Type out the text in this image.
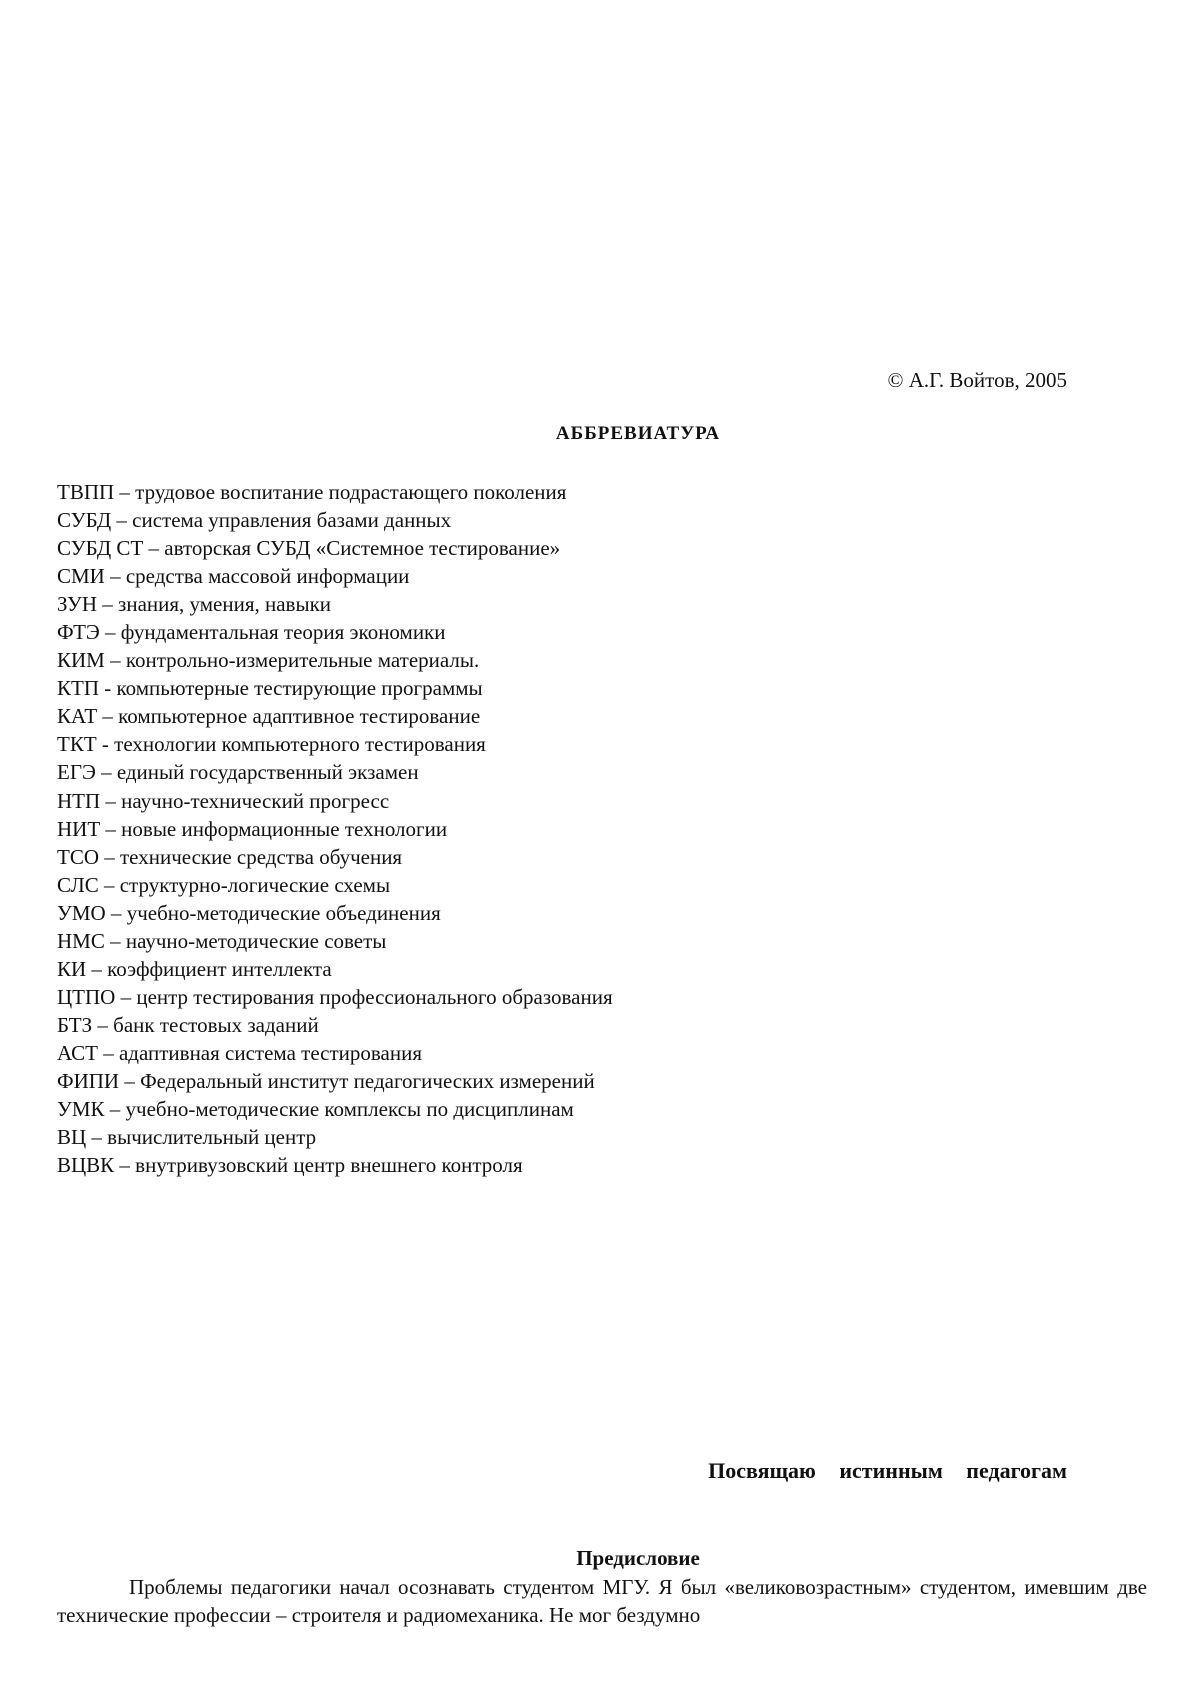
© А.Г. Войтов, 2005
АББРЕВИАТУРА
ТВПП – трудовое воспитание подрастающего поколения
СУБД – система управления базами данных
СУБД СТ – авторская СУБД «Системное тестирование»
СМИ – средства массовой информации
ЗУН – знания, умения, навыки
ФТЭ – фундаментальная теория экономики
КИМ – контрольно-измерительные материалы.
КТП - компьютерные тестирующие программы
КАТ – компьютерное адаптивное тестирование
ТКТ - технологии компьютерного тестирования
ЕГЭ – единый государственный экзамен
НТП – научно-технический прогресс
НИТ – новые информационные технологии
ТСО – технические средства обучения
СЛС – структурно-логические схемы
УМО – учебно-методические объединения
НМС – научно-методические советы
КИ – коэффициент интеллекта
ЦТПО – центр тестирования профессионального образования
БТЗ – банк тестовых заданий
АСТ – адаптивная система тестирования
ФИПИ – Федеральный институт педагогических измерений
УМК – учебно-методические комплексы по дисциплинам
ВЦ – вычислительный центр
ВЦВК – внутривузовский центр внешнего контроля
Посвящаю истинным педагогам
Предисловие

Проблемы педагогики начал осознавать студентом МГУ. Я был «великовозрастным» студентом, имевшим две технические профессии – строителя и радиомеханика. Не мог бездумно
